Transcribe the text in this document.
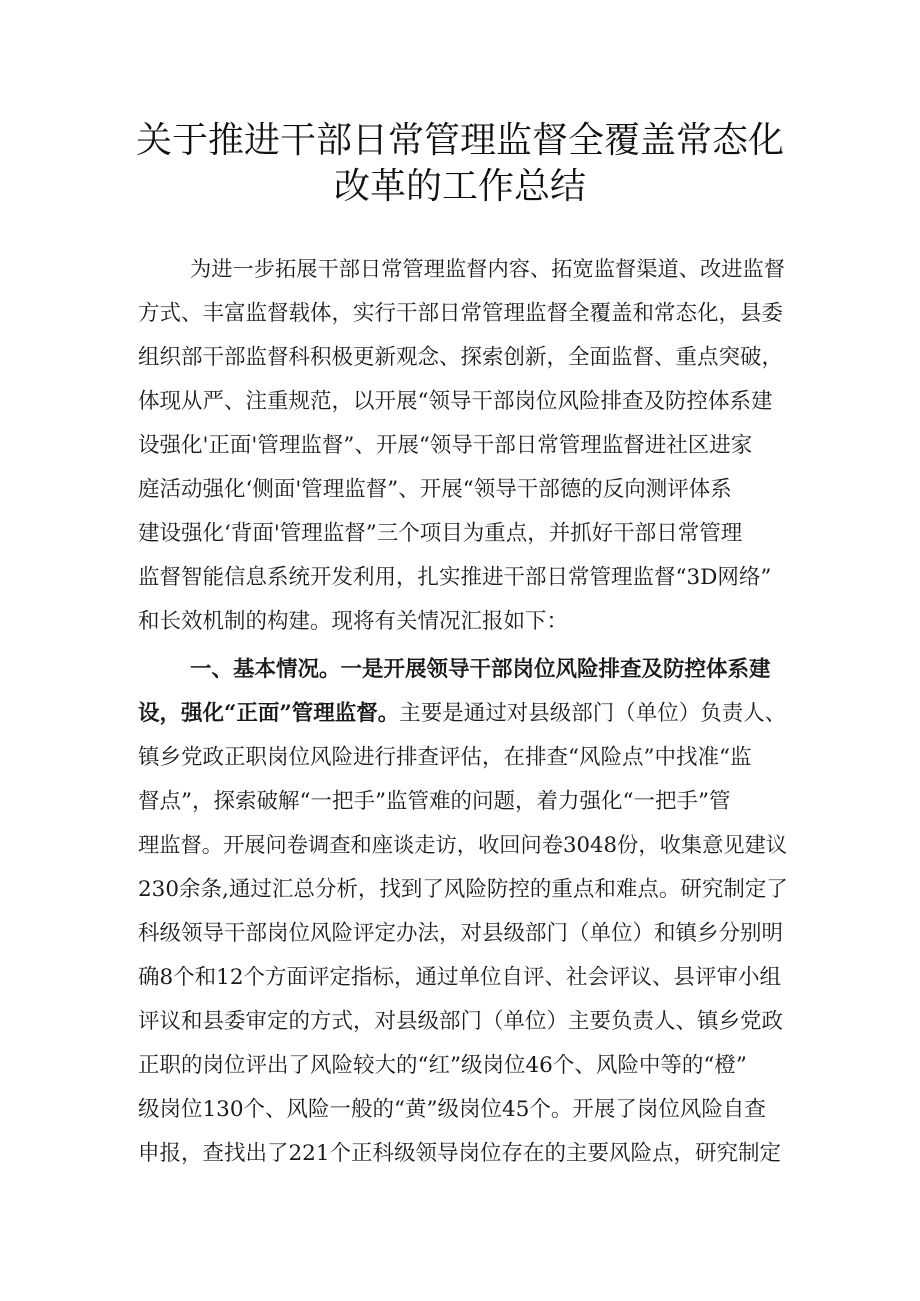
关于推进干部日常管理监督全覆盖常态化
改革的工作总结
为进一步拓展干部日常管理监督内容、拓宽监督渠道、改进监督
方式、丰富监督载体，实行干部日常管理监督全覆盖和常态化，县委
组织部干部监督科积极更新观念、探索创新，全面监督、重点突破，
体现从严、注重规范，以开展“领导干部岗位风险排查及防控体系建
设强化'正面'管理监督”、开展“领导干部日常管理监督进社区进家
庭活动强化‘侧面'管理监督”、开展“领导干部德的反向测评体系
建设强化‘背面'管理监督”三个项目为重点，并抓好干部日常管理
监督智能信息系统开发利用，扎实推进干部日常管理监督“3D网络”
和长效机制的构建。现将有关情况汇报如下：
一、基本情况。一是开展领导干部岗位风险排查及防控体系建
设，强化“正面”管理监督。主要是通过对县级部门（单位）负责人、
镇乡党政正职岗位风险进行排查评估，在排查“风险点”中找准“监
督点”，探索破解“一把手”监管难的问题，着力强化“一把手”管
理监督。开展问卷调查和座谈走访，收回问卷3048份，收集意见建议
230余条,通过汇总分析，找到了风险防控的重点和难点。研究制定了
科级领导干部岗位风险评定办法，对县级部门（单位）和镇乡分别明
确8个和12个方面评定指标，通过单位自评、社会评议、县评审小组
评议和县委审定的方式，对县级部门（单位）主要负责人、镇乡党政
正职的岗位评出了风险较大的“红”级岗位46个、风险中等的“橙”
级岗位130个、风险一般的“黄”级岗位45个。开展了岗位风险自查
申报，查找出了221个正科级领导岗位存在的主要风险点，研究制定
